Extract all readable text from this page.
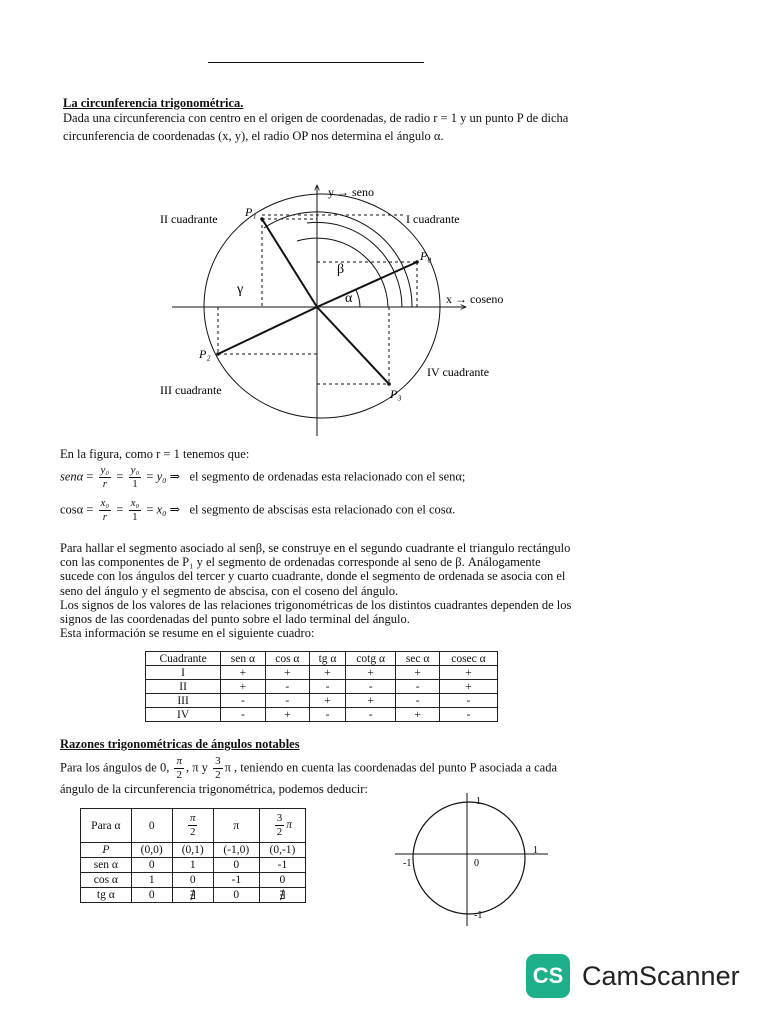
La circunferencia trigonométrica.
Dada una circunferencia con centro en el origen de coordenadas, de radio r = 1 y un punto P de dicha
circunferencia de coordenadas (x, y), el radio OP nos determina el ángulo α.
y → seno
x → coseno
I cuadrante
II cuadrante
III cuadrante
IV cuadrante
P₀
P₁
P₂
P₃
α
β
γ
En la figura, como r = 1 tenemos que:
$sen\alpha = \frac{\text{y₀}}{r} = \frac{\text{y₀}}{1} = y_0$ ⇒   el segmento de ordenadas esta relacionado con el senα;
$\cos\alpha = \frac{\text{x₀}}{r} = \frac{\text{x₀}}{1} = x_0$ ⇒   el segmento de abscisas esta relacionado con el cosα.
Para hallar el segmento asociado al senβ, se construye en el segundo cuadrante el triangulo rectángulo
con las componentes de P₁ y el segmento de ordenadas corresponde al seno de β. Análogamente
sucede con los ángulos del tercer y cuarto cuadrante, donde el segmento de ordenada se asocia con el
seno del ángulo y el segmento de abscisa, con el coseno del ángulo.
Los signos de los valores de las relaciones trigonométricas de los distintos cuadrantes dependen de los
signos de las coordenadas del punto sobre el lado terminal del ángulo.
Esta información se resume en el siguiente cuadro:
Cuadrante	sen α	cos α	tg α	cotg α	sec α	cosec α
I	+	+	+	+	+	+
II	+	-	-	-	-	+
III	-	-	+	+	-	-
IV	-	+	-	-	+	-
Razones trigonométricas de ángulos notables
Para los ángulos de 0, $\frac{\pi}{2}$ , π y $\frac{3}{2}$ π , teniendo en cuenta las coordenadas del punto P asociada a cada
ángulo de la circunferencia trigonométrica, podemos deducir:
Para α	0	$\frac{\pi}{2}$	π	$\frac{3}{2}$ π
P	(0,0)	(0,1)	(-1,0)	(0,-1)
sen α	0	1	0	-1
cos α	1	0	-1	0
tg α	0	∄	0	∄
1
-1
-1
1
0
CS CamScanner
